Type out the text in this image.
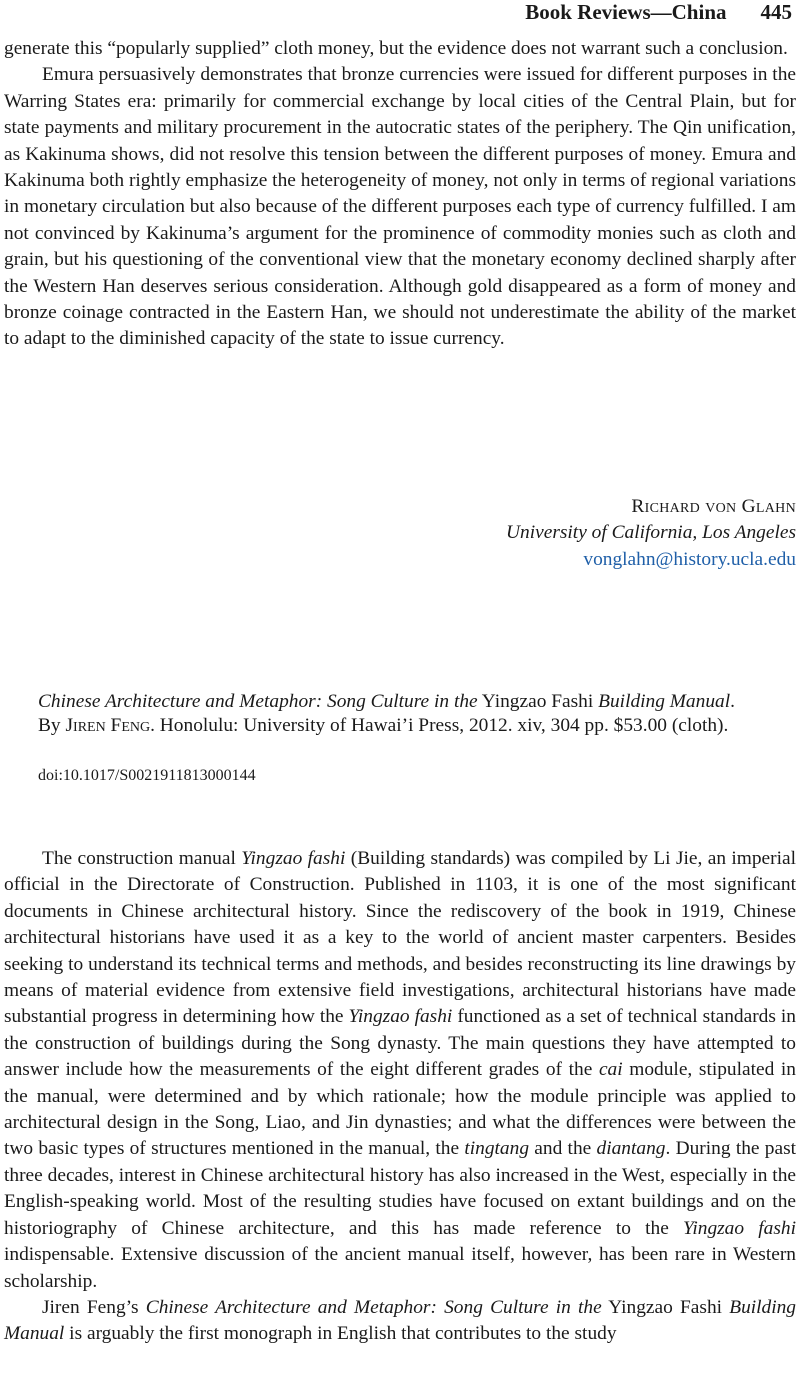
Book Reviews—China 445

generate this “popularly supplied” cloth money, but the evidence does not warrant such a conclusion.

Emura persuasively demonstrates that bronze currencies were issued for different purposes in the Warring States era: primarily for commercial exchange by local cities of the Central Plain, but for state payments and military procurement in the autocratic states of the periphery. The Qin unification, as Kakinuma shows, did not resolve this tension between the different purposes of money. Emura and Kakinuma both rightly emphasize the heterogeneity of money, not only in terms of regional variations in monetary circulation but also because of the different purposes each type of currency fulfilled. I am not convinced by Kakinuma’s argument for the prominence of commodity monies such as cloth and grain, but his questioning of the conventional view that the monetary economy declined sharply after the Western Han deserves serious consideration. Although gold disappeared as a form of money and bronze coinage contracted in the Eastern Han, we should not underestimate the ability of the market to adapt to the diminished capacity of the state to issue currency.

Richard von Glahn
University of California, Los Angeles
vonglahn@history.ucla.edu
Chinese Architecture and Metaphor: Song Culture in the Yingzao Fashi Building Manual. By Jiren Feng. Honolulu: University of Hawai’i Press, 2012. xiv, 304 pp. $53.00 (cloth).
doi:10.1017/S0021911813000144

The construction manual Yingzao fashi (Building standards) was compiled by Li Jie, an imperial official in the Directorate of Construction. Published in 1103, it is one of the most significant documents in Chinese architectural history. Since the rediscovery of the book in 1919, Chinese architectural historians have used it as a key to the world of ancient master carpenters. Besides seeking to understand its technical terms and methods, and besides reconstructing its line drawings by means of material evidence from extensive field investigations, architectural historians have made substantial progress in determining how the Yingzao fashi functioned as a set of technical standards in the construction of buildings during the Song dynasty. The main questions they have attempted to answer include how the measurements of the eight different grades of the cai module, stipulated in the manual, were determined and by which rationale; how the module principle was applied to architectural design in the Song, Liao, and Jin dynasties; and what the differences were between the two basic types of structures mentioned in the manual, the tingtang and the diantang. During the past three decades, interest in Chinese architectural history has also increased in the West, especially in the English-speaking world. Most of the resulting studies have focused on extant buildings and on the historiography of Chinese architecture, and this has made reference to the Yingzao fashi indispensable. Extensive discussion of the ancient manual itself, however, has been rare in Western scholarship.

Jiren Feng’s Chinese Architecture and Metaphor: Song Culture in the Yingzao Fashi Building Manual is arguably the first monograph in English that contributes to the study
